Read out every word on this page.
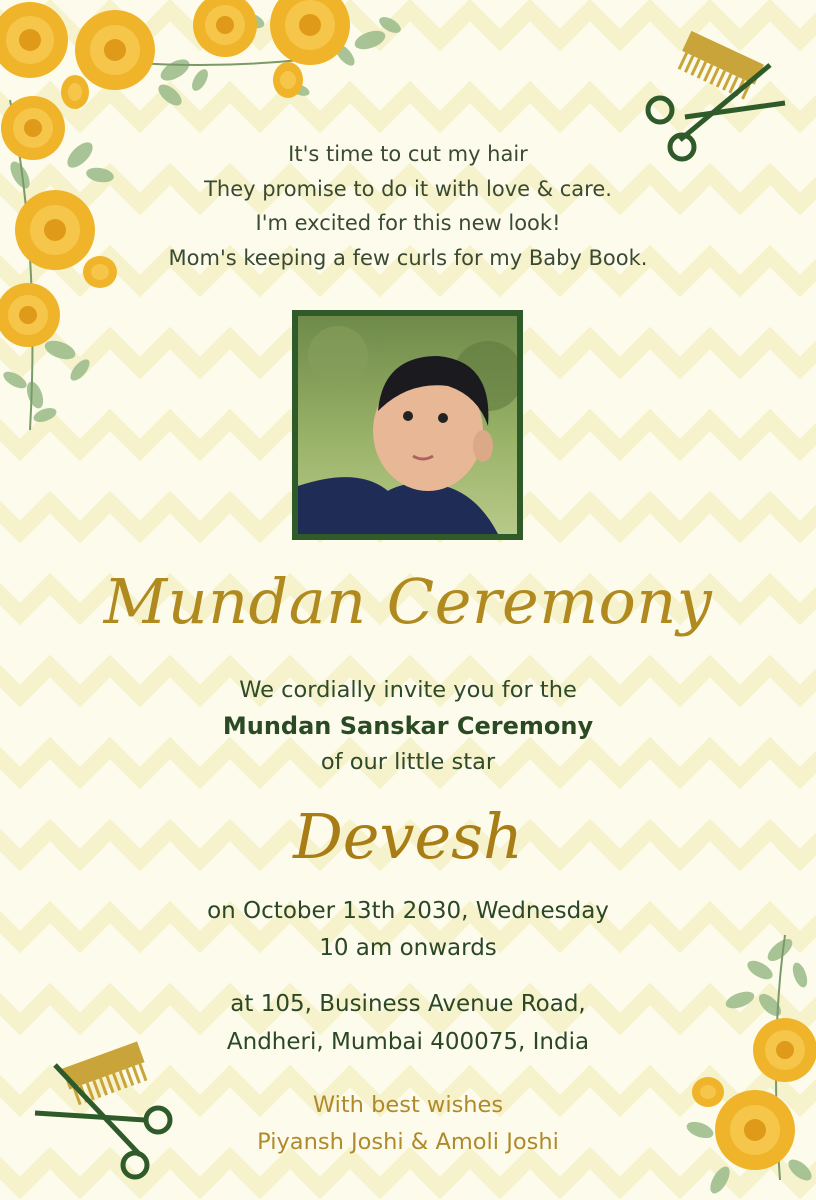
It's time to cut my hair
They promise to do it with love & care.
I'm excited for this new look!
Mom's keeping a few curls for my Baby Book.
Mundan Ceremony
We cordially invite you for the
Mundan Sanskar Ceremony
of our little star
Devesh
on October 13th 2030, Wednesday
10 am onwards
at 105, Business Avenue Road,
Andheri, Mumbai 400075, India
With best wishes
Piyansh Joshi & Amoli Joshi
